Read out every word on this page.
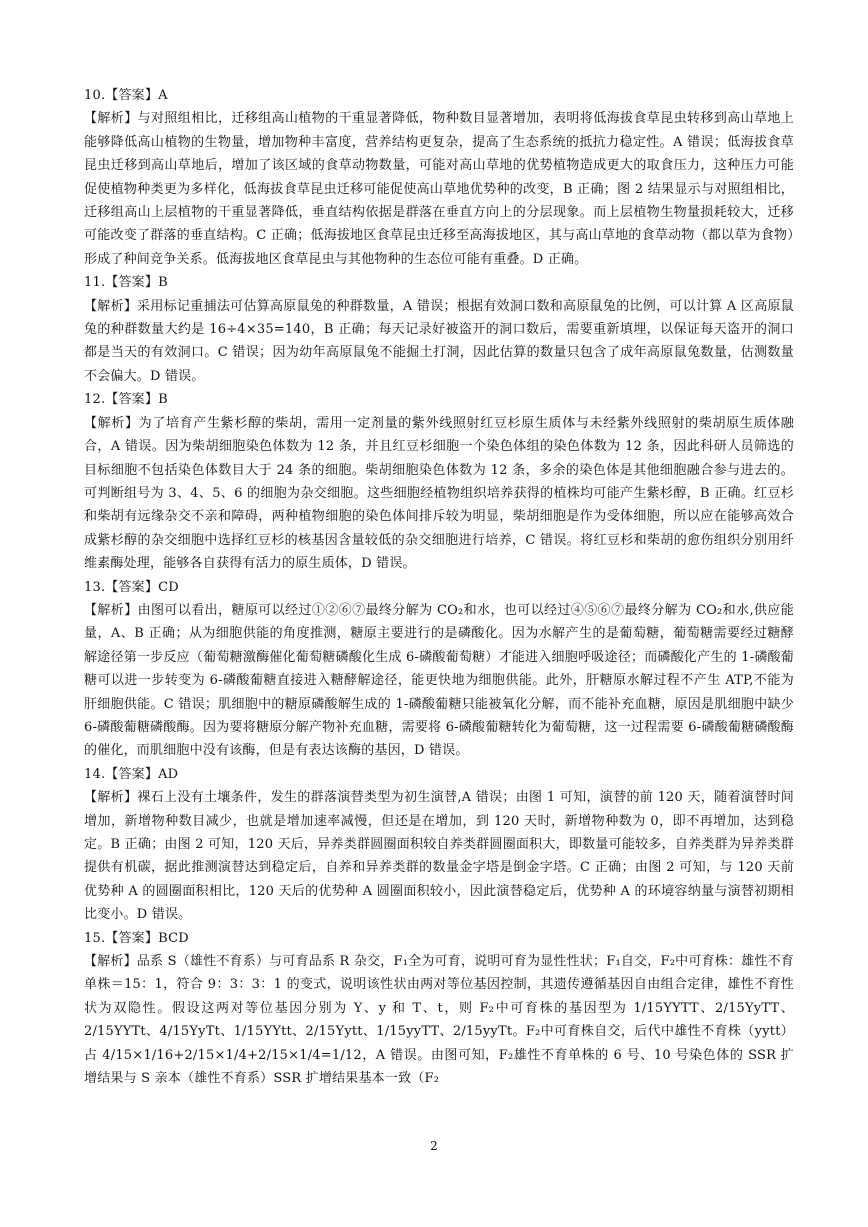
10.【答案】A

【解析】与对照组相比，迁移组高山植物的干重显著降低，物种数目显著增加，表明将低海拔食草昆虫转移到高山草地上能够降低高山植物的生物量，增加物种丰富度，营养结构更复杂，提高了生态系统的抵抗力稳定性。A 错误；低海拔食草昆虫迁移到高山草地后，增加了该区域的食草动物数量，可能对高山草地的优势植物造成更大的取食压力，这种压力可能促使植物种类更为多样化，低海拔食草昆虫迁移可能促使高山草地优势种的改变，B 正确；图 2 结果显示与对照组相比，迁移组高山上层植物的干重显著降低，垂直结构依据是群落在垂直方向上的分层现象。而上层植物生物量损耗较大，迁移可能改变了群落的垂直结构。C 正确；低海拔地区食草昆虫迁移至高海拔地区，其与高山草地的食草动物（都以草为食物）形成了种间竞争关系。低海拔地区食草昆虫与其他物种的生态位可能有重叠。D 正确。

11.【答案】B

【解析】采用标记重捕法可估算高原鼠兔的种群数量，A 错误；根据有效洞口数和高原鼠兔的比例，可以计算 A 区高原鼠兔的种群数量大约是 16÷4×35=140，B 正确；每天记录好被盗开的洞口数后，需要重新填埋，以保证每天盗开的洞口都是当天的有效洞口。C 错误；因为幼年高原鼠兔不能掘土打洞，因此估算的数量只包含了成年高原鼠兔数量，估测数量不会偏大。D 错误。

12.【答案】B

【解析】为了培育产生紫杉醇的柴胡，需用一定剂量的紫外线照射红豆杉原生质体与未经紫外线照射的柴胡原生质体融合，A 错误。因为柴胡细胞染色体数为 12 条，并且红豆杉细胞一个染色体组的染色体数为 12 条，因此科研人员筛选的目标细胞不包括染色体数目大于 24 条的细胞。柴胡细胞染色体数为 12 条，多余的染色体是其他细胞融合参与进去的。可判断组号为 3、4、5、6 的细胞为杂交细胞。这些细胞经植物组织培养获得的植株均可能产生紫杉醇，B 正确。红豆杉和柴胡有远缘杂交不亲和障碍，两种植物细胞的染色体间排斥较为明显，柴胡细胞是作为受体细胞，所以应在能够高效合成紫杉醇的杂交细胞中选择红豆杉的核基因含量较低的杂交细胞进行培养，C 错误。将红豆杉和柴胡的愈伤组织分别用纤维素酶处理，能够各自获得有活力的原生质体，D 错误。

13.【答案】CD

【解析】由图可以看出，糖原可以经过①②⑥⑦最终分解为 CO₂和水，也可以经过④⑤⑥⑦最终分解为 CO₂和水,供应能量，A、B 正确；从为细胞供能的角度推测，糖原主要进行的是磷酸化。因为水解产生的是葡萄糖，葡萄糖需要经过糖酵解途径第一步反应（葡萄糖激酶催化葡萄糖磷酸化生成 6-磷酸葡萄糖）才能进入细胞呼吸途径；而磷酸化产生的 1-磷酸葡糖可以进一步转变为 6-磷酸葡糖直接进入糖酵解途径，能更快地为细胞供能。此外，肝糖原水解过程不产生 ATP,不能为肝细胞供能。C 错误；肌细胞中的糖原磷酸解生成的 1-磷酸葡糖只能被氧化分解，而不能补充血糖，原因是肌细胞中缺少 6-磷酸葡糖磷酸酶。因为要将糖原分解产物补充血糖，需要将 6-磷酸葡糖转化为葡萄糖，这一过程需要 6-磷酸葡糖磷酸酶的催化，而肌细胞中没有该酶，但是有表达该酶的基因，D 错误。

14.【答案】AD

【解析】裸石上没有土壤条件，发生的群落演替类型为初生演替,A 错误；由图 1 可知，演替的前 120 天，随着演替时间增加，新增物种数目减少，也就是增加速率减慢，但还是在增加，到 120 天时，新增物种数为 0，即不再增加，达到稳定。B 正确；由图 2 可知，120 天后，异养类群圆圈面积较自养类群圆圈面积大，即数量可能较多，自养类群为异养类群提供有机碳，据此推测演替达到稳定后，自养和异养类群的数量金字塔是倒金字塔。C 正确；由图 2 可知，与 120 天前优势种 A 的圆圈面积相比，120 天后的优势种 A 圆圈面积较小，因此演替稳定后，优势种 A 的环境容纳量与演替初期相比变小。D 错误。

15.【答案】BCD

【解析】品系 S（雄性不育系）与可育品系 R 杂交，F₁全为可育，说明可育为显性性状；F₁自交，F₂中可育株：雄性不育单株＝15：1，符合 9：3：3：1 的变式，说明该性状由两对等位基因控制，其遗传遵循基因自由组合定律，雄性不育性状为双隐性。假设这两对等位基因分别为 Y、y 和 T、t，则 F₂中可育株的基因型为 1/15YYTT、2/15YyTT、2/15YYTt、4/15YyTt、1/15YYtt、2/15Yytt、1/15yyTT、2/15yyTt。F₂中可育株自交，后代中雄性不育株（yytt）占 4/15×1/16+2/15×1/4+2/15×1/4=1/12，A 错误。由图可知，F₂雄性不育单株的 6 号、10 号染色体的 SSR 扩增结果与 S 亲本（雄性不育系）SSR 扩增结果基本一致（F₂

2
